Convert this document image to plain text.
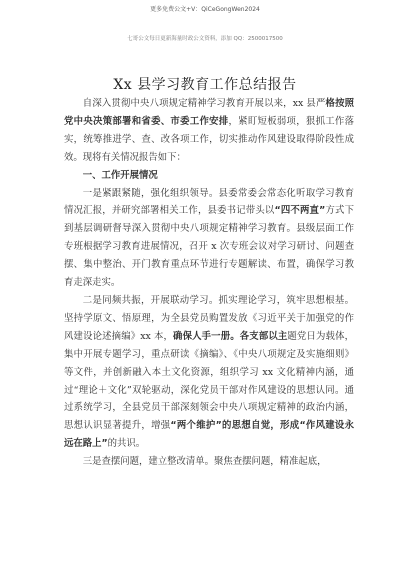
更多免费公文+V：QiCeGongWen2024
七哥公文每日更新海量时政公文资料，添加 QQ：2500017500
Xx 县学习教育工作总结报告

自深入贯彻中央八项规定精神学习教育开展以来，xx 县严格按照党中央决策部署和省委、市委工作安排，紧盯短板弱项，狠抓工作落实，统筹推进学、查、改各项工作，切实推动作风建设取得阶段性成效。现将有关情况报告如下：

一、工作开展情况

一是紧跟紧随，强化组织领导。县委常委会常态化听取学习教育情况汇报，并研究部署相关工作，县委书记带头以“四不两直”方式下到基层调研督导深入贯彻中央八项规定精神学习教育。县级层面工作专班根据学习教育进展情况，召开 x 次专班会议对学习研讨、问题查摆、集中整治、开门教育重点环节进行专题解读、布置，确保学习教育走深走实。

二是同频共振，开展联动学习。抓实理论学习，筑牢思想根基。坚持学原文、悟原理，为全县党员购置发放《习近平关于加强党的作风建设论述摘编》xx 本，确保人手一册。各支部以主题党日为载体，集中开展专题学习，重点研读《摘编》、《中央八项规定及实施细则》等文件，并创新融入本土文化资源，组织学习 xx 文化精神内涵，通过“理论＋文化”双轮驱动，深化党员干部对作风建设的思想认同。通过系统学习，全县党员干部深刻领会中央八项规定精神的政治内涵，思想认识显著提升，增强“两个维护”的思想自觉，形成“作风建设永远在路上”的共识。

三是查摆问题，建立整改清单。聚焦查摆问题，精准起底，
